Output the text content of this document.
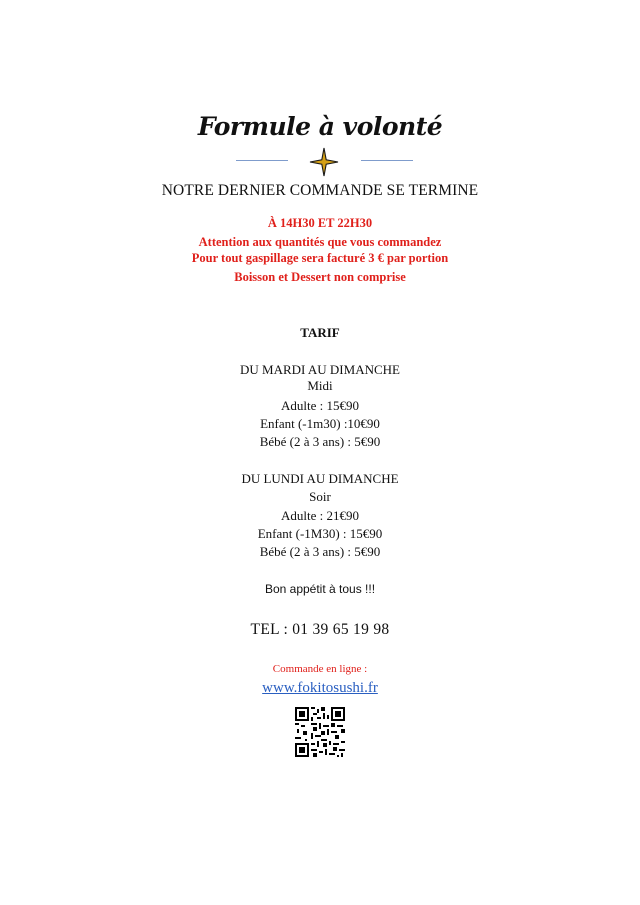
Formule à volonté
NOTRE DERNIER COMMANDE SE TERMINE
À 14H30 ET 22H30
Attention aux quantités que vous commandez
Pour tout gaspillage sera facturé 3 € par portion
Boisson et Dessert non comprise
TARIF
DU MARDI AU DIMANCHE
Midi
Adulte : 15€90
Enfant (-1m30) :10€90
Bébé (2 à 3 ans) : 5€90
DU LUNDI AU DIMANCHE
Soir
Adulte : 21€90
Enfant (-1M30) : 15€90
Bébé (2 à 3 ans) : 5€90
Bon appétit à tous !!!
TEL : 01 39 65 19 98
Commande en ligne :
www.fokitosushi.fr
